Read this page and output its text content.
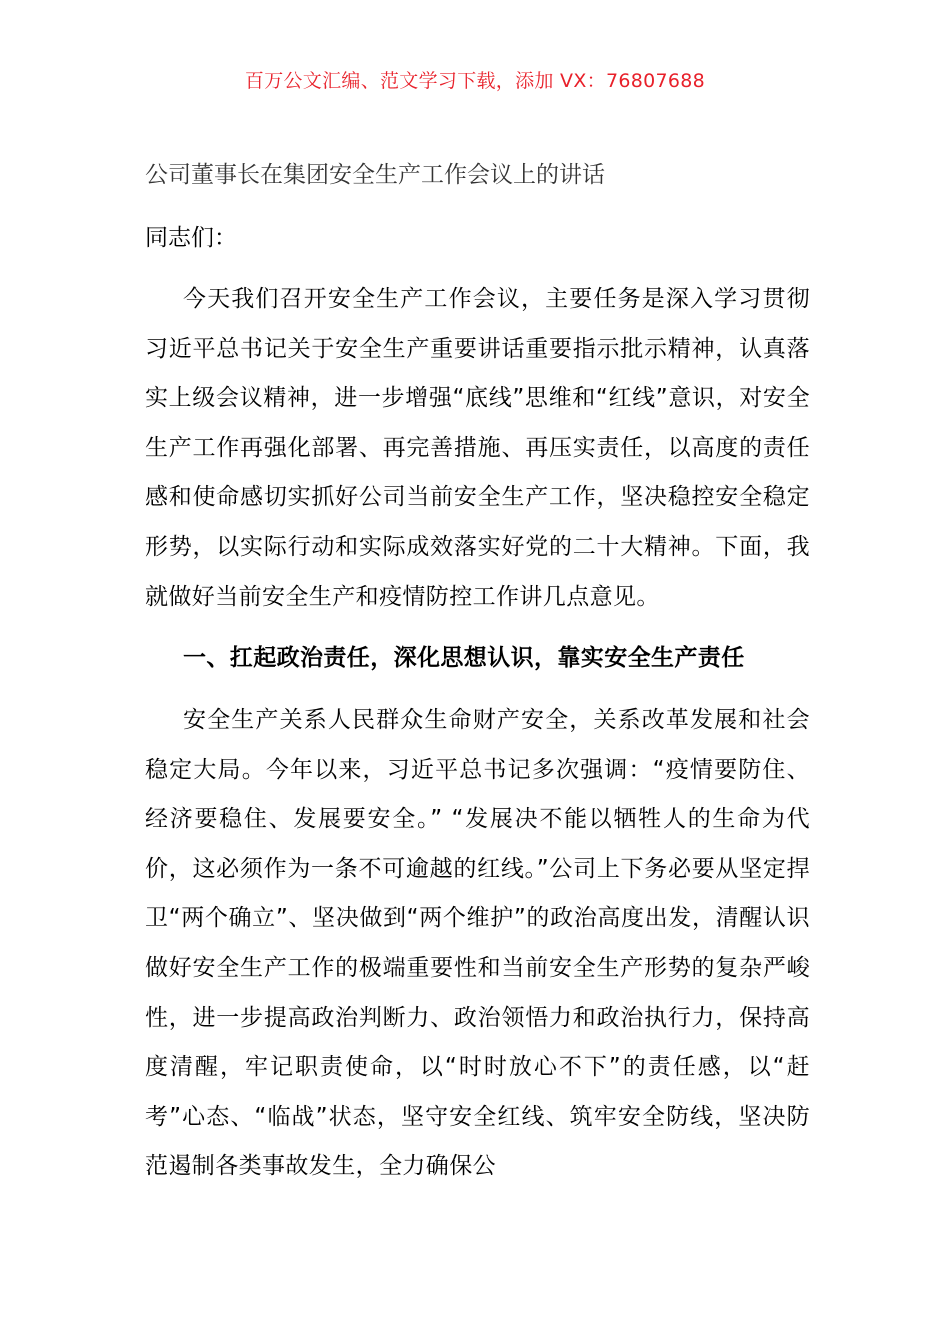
百万公文汇编、范文学习下载，添加 VX：76807688
公司董事长在集团安全生产工作会议上的讲话
同志们：
今天我们召开安全生产工作会议，主要任务是深入学习贯彻习近平总书记关于安全生产重要讲话重要指示批示精神，认真落实上级会议精神，进一步增强“底线”思维和“红线”意识，对安全生产工作再强化部署、再完善措施、再压实责任，以高度的责任感和使命感切实抓好公司当前安全生产工作，坚决稳控安全稳定形势，以实际行动和实际成效落实好党的二十大精神。下面，我就做好当前安全生产和疫情防控工作讲几点意见。
一、扛起政治责任，深化思想认识，靠实安全生产责任
安全生产关系人民群众生命财产安全，关系改革发展和社会稳定大局。今年以来，习近平总书记多次强调：“疫情要防住、经济要稳住、发展要安全。” “发展决不能以牺牲人的生命为代价，这必须作为一条不可逾越的红线。”公司上下务必要从坚定捍卫“两个确立”、坚决做到“两个维护”的政治高度出发，清醒认识做好安全生产工作的极端重要性和当前安全生产形势的复杂严峻性，进一步提高政治判断力、政治领悟力和政治执行力，保持高度清醒，牢记职责使命，以“时时放心不下”的责任感，以“赶考”心态、“临战”状态，坚守安全红线、筑牢安全防线，坚决防范遏制各类事故发生，全力确保公
